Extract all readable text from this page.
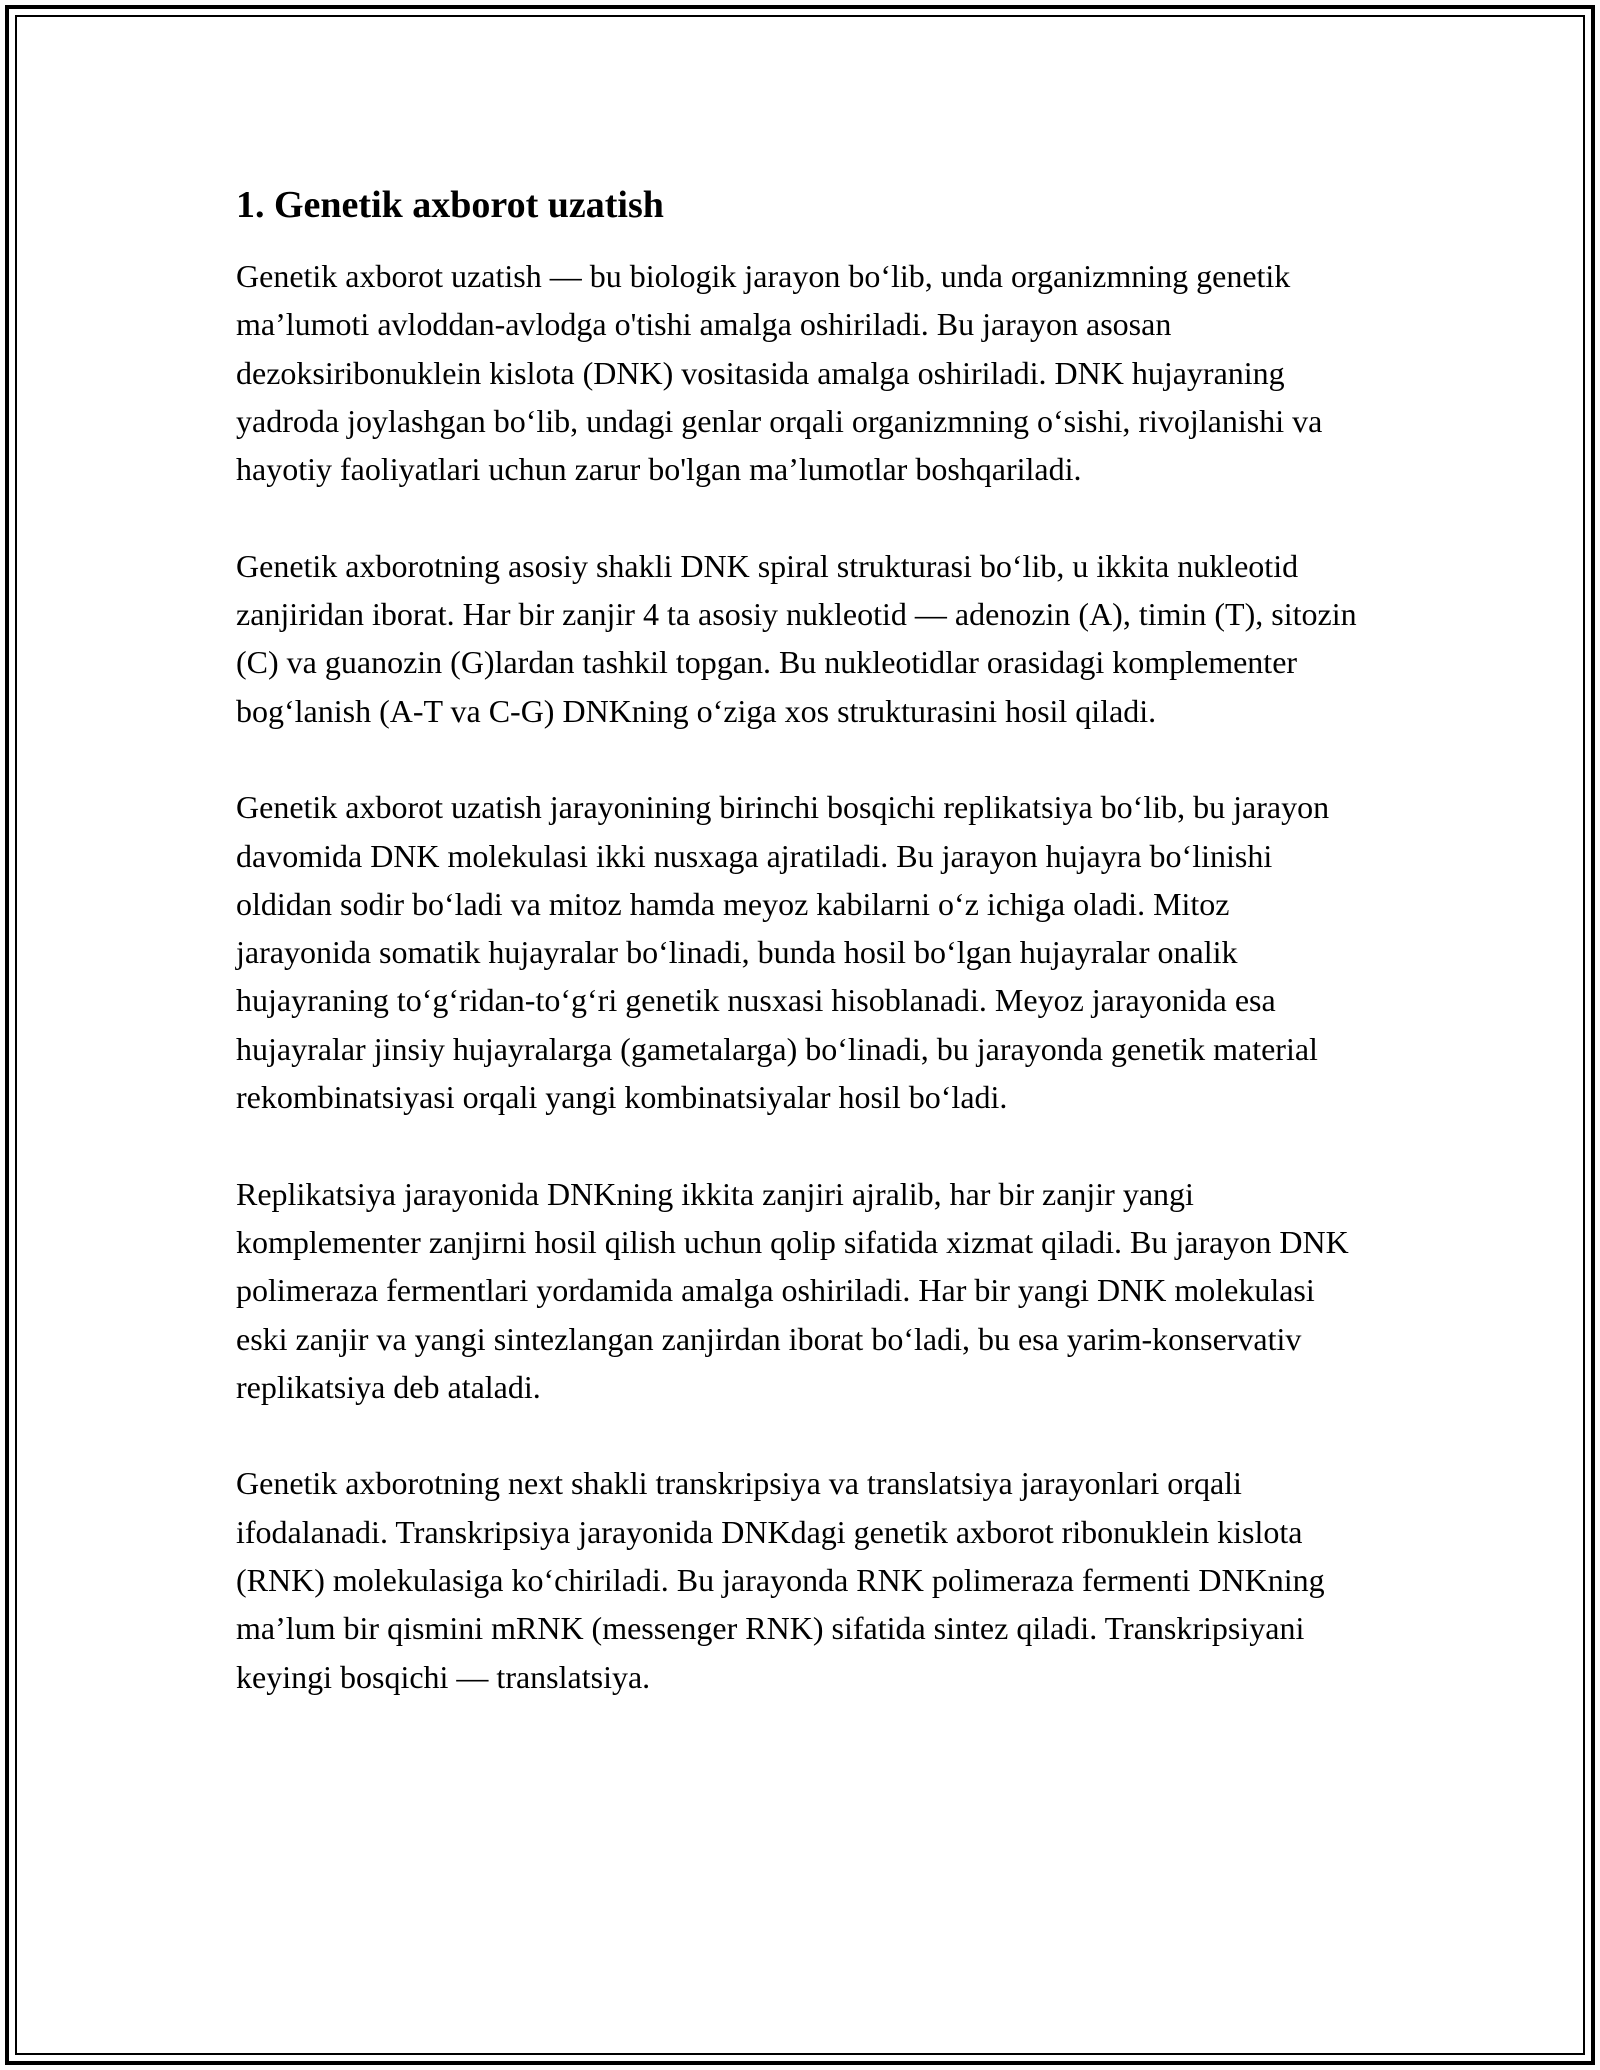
1. Genetik axborot uzatish

Genetik axborot uzatish — bu biologik jarayon bo‘lib, unda organizmning genetik ma’lumoti avloddan-avlodga o'tishi amalga oshiriladi. Bu jarayon asosan dezoksiribonuklein kislota (DNK) vositasida amalga oshiriladi. DNK hujayraning yadroda joylashgan bo‘lib, undagi genlar orqali organizmning o‘sishi, rivojlanishi va hayotiy faoliyatlari uchun zarur bo'lgan ma’lumotlar boshqariladi.

Genetik axborotning asosiy shakli DNK spiral strukturasi bo‘lib, u ikkita nukleotid zanjiridan iborat. Har bir zanjir 4 ta asosiy nukleotid — adenozin (A), timin (T), sitozin (C) va guanozin (G)lardan tashkil topgan. Bu nukleotidlar orasidagi komplementer bog‘lanish (A-T va C-G) DNKning o‘ziga xos strukturasini hosil qiladi.

Genetik axborot uzatish jarayonining birinchi bosqichi replikatsiya bo‘lib, bu jarayon davomida DNK molekulasi ikki nusxaga ajratiladi. Bu jarayon hujayra bo‘linishi oldidan sodir bo‘ladi va mitoz hamda meyoz kabilarni o‘z ichiga oladi. Mitoz jarayonida somatik hujayralar bo‘linadi, bunda hosil bo‘lgan hujayralar onalik hujayraning to‘g‘ridan-to‘g‘ri genetik nusxasi hisoblanadi. Meyoz jarayonida esa hujayralar jinsiy hujayralarga (gametalarga) bo‘linadi, bu jarayonda genetik material rekombinatsiyasi orqali yangi kombinatsiyalar hosil bo‘ladi.

Replikatsiya jarayonida DNKning ikkita zanjiri ajralib, har bir zanjir yangi komplementer zanjirni hosil qilish uchun qolip sifatida xizmat qiladi. Bu jarayon DNK polimeraza fermentlari yordamida amalga oshiriladi. Har bir yangi DNK molekulasi eski zanjir va yangi sintezlangan zanjirdan iborat bo‘ladi, bu esa yarim-konservativ replikatsiya deb ataladi.

Genetik axborotning next shakli transkripsiya va translatsiya jarayonlari orqali ifodalanadi. Transkripsiya jarayonida DNKdagi genetik axborot ribonuklein kislota (RNK) molekulasiga ko‘chiriladi. Bu jarayonda RNK polimeraza fermenti DNKning ma’lum bir qismini mRNK (messenger RNK) sifatida sintez qiladi. Transkripsiyani keyingi bosqichi — translatsiya.
